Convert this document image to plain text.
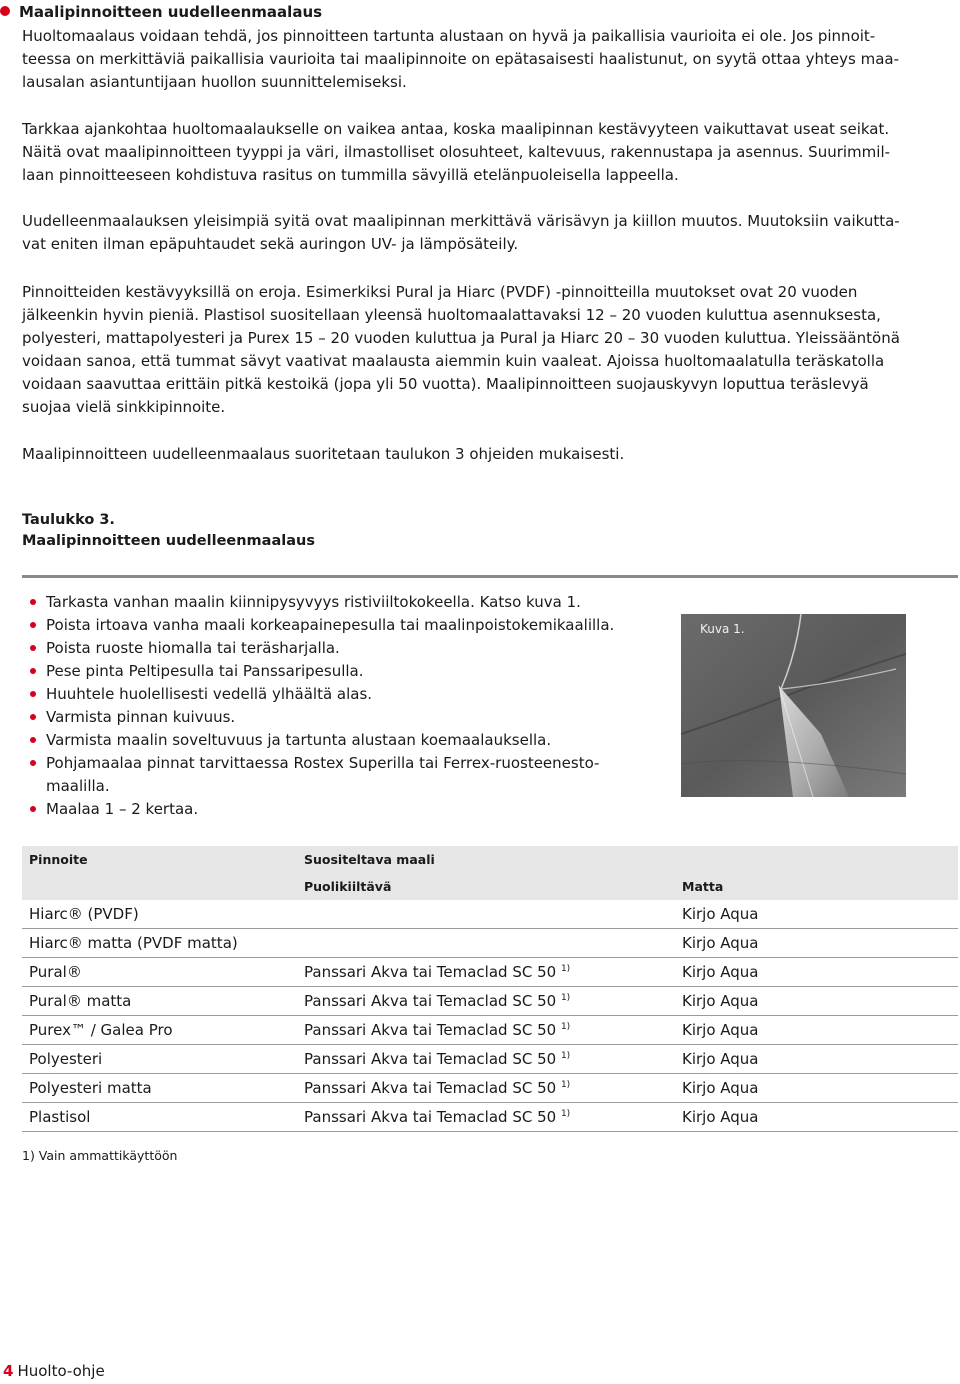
Maalipinnoitteen uudelleenmaalaus

Huoltomaalaus voidaan tehdä, jos pinnoitteen tartunta alustaan on hyvä ja paikallisia vaurioita ei ole. Jos pinnoit-
teessa on merkittäviä paikallisia vaurioita tai maalipinnoite on epätasaisesti haalistunut, on syytä ottaa yhteys maa-
lausalan asiantuntijaan huollon suunnittelemiseksi.

Tarkkaa ajankohtaa huoltomaalaukselle on vaikea antaa, koska maalipinnan kestävyyteen vaikuttavat useat seikat.
Näitä ovat maalipinnoitteen tyyppi ja väri, ilmastolliset olosuhteet, kaltevuus, rakennustapa ja asennus. Suurimmil-
laan pinnoitteeseen kohdistuva rasitus on tummilla sävyillä etelänpuoleisella lappeella.

Uudelleenmaalauksen yleisimpiä syitä ovat maalipinnan merkittävä värisävyn ja kiillon muutos. Muutoksiin vaikutta-
vat eniten ilman epäpuhtaudet sekä auringon UV- ja lämpösäteily.

Pinnoitteiden kestävyyksillä on eroja. Esimerkiksi Pural ja Hiarc (PVDF) -pinnoitteilla muutokset ovat 20 vuoden
jälkeenkin hyvin pieniä. Plastisol suositellaan yleensä huoltomaalattavaksi 12 – 20 vuoden kuluttua asennuksesta,
polyesteri, mattapolyesteri ja Purex 15 – 20 vuoden kuluttua ja Pural ja Hiarc 20 – 30 vuoden kuluttua. Yleissääntönä
voidaan sanoa, että tummat sävyt vaativat maalausta aiemmin kuin vaaleat. Ajoissa huoltomaalatulla teräskatolla
voidaan saavuttaa erittäin pitkä kestoikä (jopa yli 50 vuotta). Maalipinnoitteen suojauskyvyn loputtua teräslevyä
suojaa vielä sinkkipinnoite.

Maalipinnoitteen uudelleenmaalaus suoritetaan taulukon 3 ohjeiden mukaisesti.

Taulukko 3.
Maalipinnoitteen uudelleenmaalaus
Tarkasta vanhan maalin kiinnipysyvyys ristiviiltokokeella. Katso kuva 1.
Poista irtoava vanha maali korkeapainepesulla tai maalinpoistokemikaalilla.
Poista ruoste hiomalla tai teräsharjalla.
Pese pinta Peltipesulla tai Panssaripesulla.
Huuhtele huolellisesti vedellä ylhäältä alas.
Varmista pinnan kuivuus.
Varmista maalin soveltuvuus ja tartunta alustaan koemaalauksella.
Pohjamaalaa pinnat tarvittaessa Rostex Superilla tai Ferrex-ruosteenesto-
maalilla.
Maalaa 1 – 2 kertaa.
Kuva 1.
Pinnoite	Suositeltava maali	
	Puolikiiltävä	Matta
Hiarc® (PVDF)		Kirjo Aqua
Hiarc® matta (PVDF matta)		Kirjo Aqua
Pural®	Panssari Akva tai Temaclad SC 50 $^{1)}$	Kirjo Aqua
Pural® matta	Panssari Akva tai Temaclad SC 50 $^{1)}$	Kirjo Aqua
Purex™ / Galea Pro	Panssari Akva tai Temaclad SC 50 $^{1)}$	Kirjo Aqua
Polyesteri	Panssari Akva tai Temaclad SC 50 $^{1)}$	Kirjo Aqua
Polyesteri matta	Panssari Akva tai Temaclad SC 50 $^{1)}$	Kirjo Aqua
Plastisol	Panssari Akva tai Temaclad SC 50 $^{1)}$	Kirjo Aqua
1) Vain ammattikäyttöön
4 Huolto-ohje
